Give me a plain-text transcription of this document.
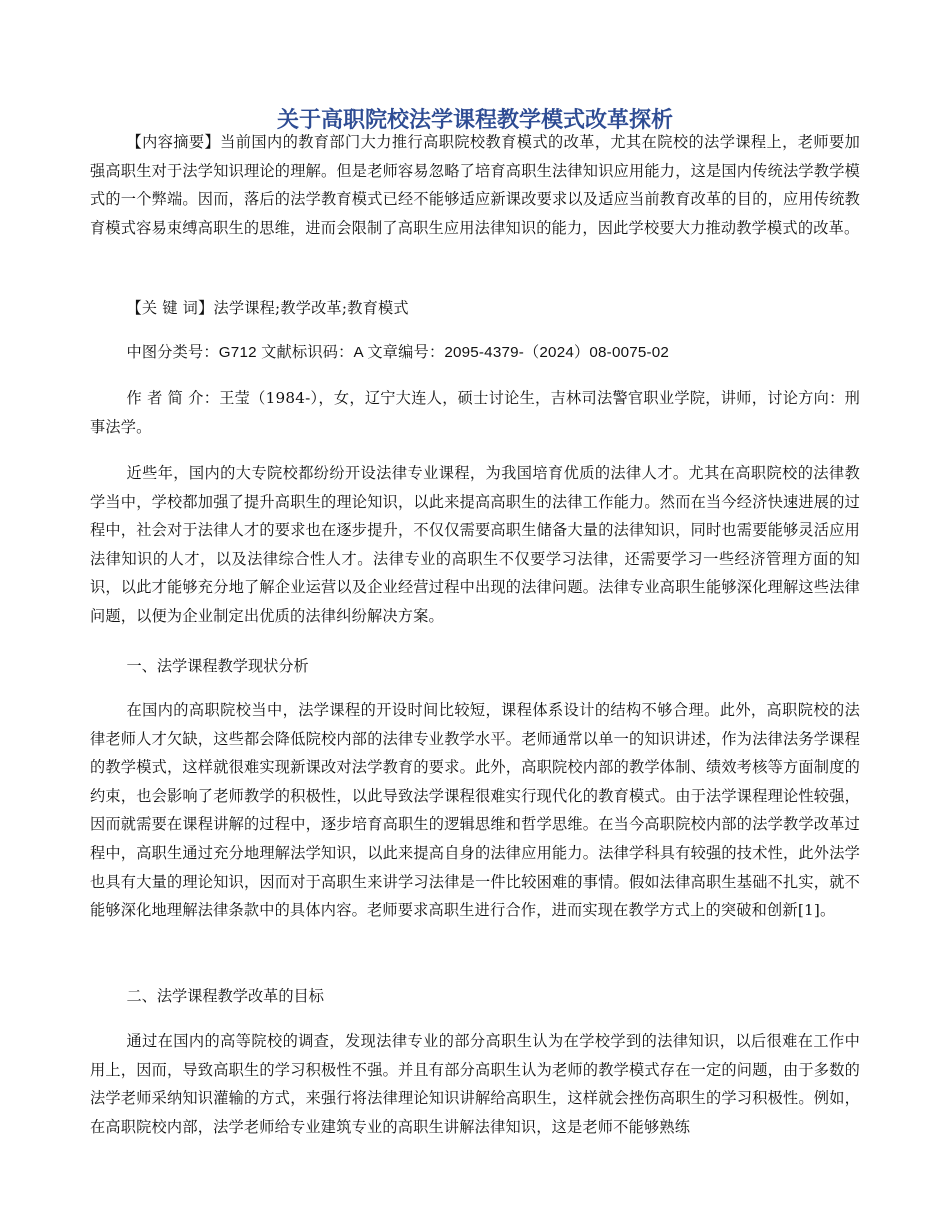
关于高职院校法学课程教学模式改革探析

【内容摘要】当前国内的教育部门大力推行高职院校教育模式的改革，尤其在院校的法学课程上，老师要加强高职生对于法学知识理论的理解。但是老师容易忽略了培育高职生法律知识应用能力，这是国内传统法学教学模式的一个弊端。因而，落后的法学教育模式已经不能够适应新课改要求以及适应当前教育改革的目的，应用传统教育模式容易束缚高职生的思维，进而会限制了高职生应用法律知识的能力，因此学校要大力推动教学模式的改革。

【关 键 词】法学课程;教学改革;教育模式

中图分类号：G712 文献标识码：A 文章编号：2095-4379-（2024）08-0075-02

作 者 简 介：王莹（1984-），女，辽宁大连人，硕士讨论生，吉林司法警官职业学院，讲师，讨论方向：刑事法学。

近些年，国内的大专院校都纷纷开设法律专业课程，为我国培育优质的法律人才。尤其在高职院校的法律教学当中，学校都加强了提升高职生的理论知识，以此来提高高职生的法律工作能力。然而在当今经济快速进展的过程中，社会对于法律人才的要求也在逐步提升，不仅仅需要高职生储备大量的法律知识，同时也需要能够灵活应用法律知识的人才，以及法律综合性人才。法律专业的高职生不仅要学习法律，还需要学习一些经济管理方面的知识，以此才能够充分地了解企业运营以及企业经营过程中出现的法律问题。法律专业高职生能够深化理解这些法律问题，以便为企业制定出优质的法律纠纷解决方案。

一、法学课程教学现状分析

在国内的高职院校当中，法学课程的开设时间比较短，课程体系设计的结构不够合理。此外，高职院校的法律老师人才欠缺，这些都会降低院校内部的法律专业教学水平。老师通常以单一的知识讲述，作为法律法务学课程的教学模式，这样就很难实现新课改对法学教育的要求。此外，高职院校内部的教学体制、绩效考核等方面制度的约束，也会影响了老师教学的积极性，以此导致法学课程很难实行现代化的教育模式。由于法学课程理论性较强，因而就需要在课程讲解的过程中，逐步培育高职生的逻辑思维和哲学思维。在当今高职院校内部的法学教学改革过程中，高职生通过充分地理解法学知识，以此来提高自身的法律应用能力。法律学科具有较强的技术性，此外法学也具有大量的理论知识，因而对于高职生来讲学习法律是一件比较困难的事情。假如法律高职生基础不扎实，就不能够深化地理解法律条款中的具体内容。老师要求高职生进行合作，进而实现在教学方式上的突破和创新[1]。

二、法学课程教学改革的目标

通过在国内的高等院校的调查，发现法律专业的部分高职生认为在学校学到的法律知识，以后很难在工作中用上，因而，导致高职生的学习积极性不强。并且有部分高职生认为老师的教学模式存在一定的问题，由于多数的法学老师采纳知识灌输的方式，来强行将法律理论知识讲解给高职生，这样就会挫伤高职生的学习积极性。例如，在高职院校内部，法学老师给专业建筑专业的高职生讲解法律知识，这是老师不能够熟练
